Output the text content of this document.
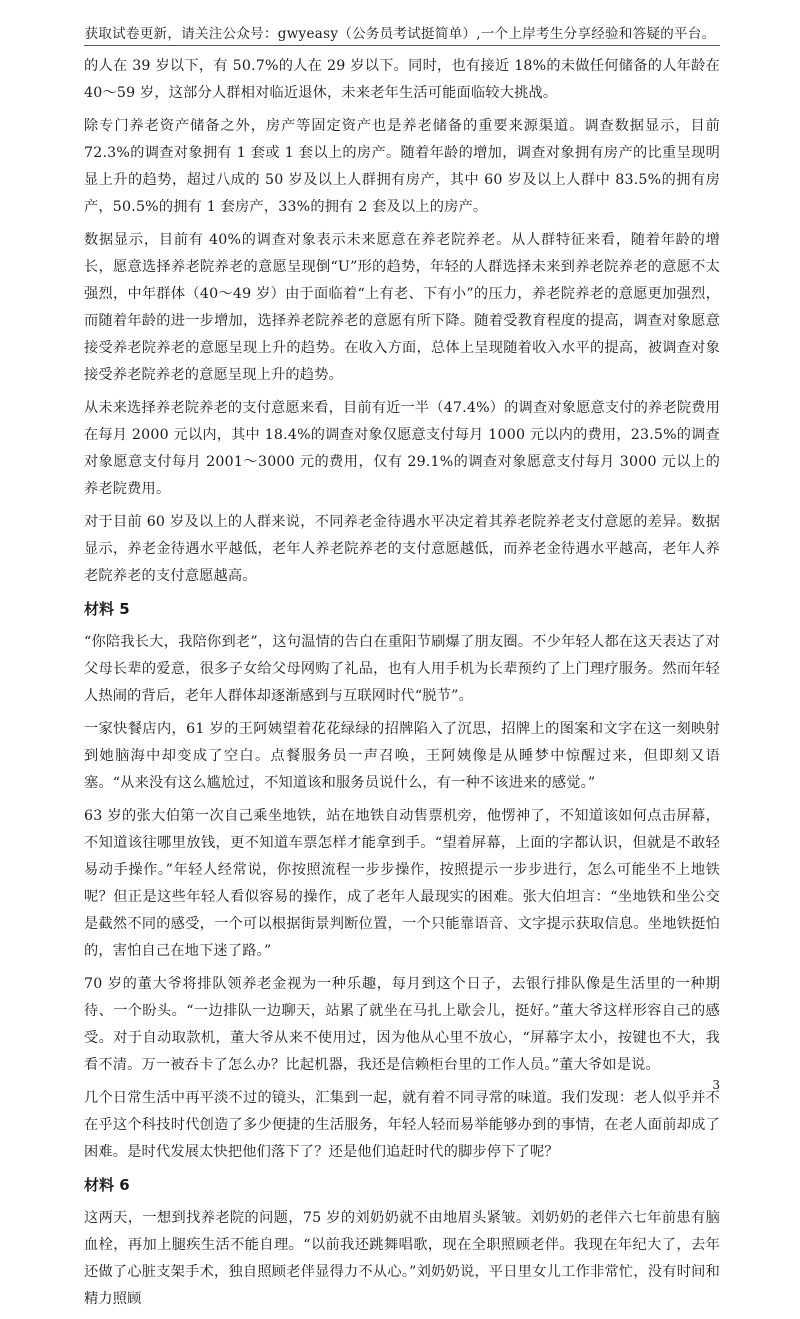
获取试卷更新，请关注公众号：gwyeasy（公务员考试挺简单）,一个上岸考生分享经验和答疑的平台。

的人在 39 岁以下，有 50.7%的人在 29 岁以下。同时，也有接近 18%的未做任何储备的人年龄在 40～59 岁，这部分人群相对临近退休，未来老年生活可能面临较大挑战。

除专门养老资产储备之外，房产等固定资产也是养老储备的重要来源渠道。调查数据显示，目前 72.3%的调查对象拥有 1 套或 1 套以上的房产。随着年龄的增加，调查对象拥有房产的比重呈现明显上升的趋势，超过八成的 50 岁及以上人群拥有房产，其中 60 岁及以上人群中 83.5%的拥有房产，50.5%的拥有 1 套房产，33%的拥有 2 套及以上的房产。

数据显示，目前有 40%的调查对象表示未来愿意在养老院养老。从人群特征来看，随着年龄的增长，愿意选择养老院养老的意愿呈现倒“U”形的趋势，年轻的人群选择未来到养老院养老的意愿不太强烈，中年群体（40～49 岁）由于面临着“上有老、下有小”的压力，养老院养老的意愿更加强烈，而随着年龄的进一步增加，选择养老院养老的意愿有所下降。随着受教育程度的提高，调查对象愿意接受养老院养老的意愿呈现上升的趋势。在收入方面，总体上呈现随着收入水平的提高，被调查对象接受养老院养老的意愿呈现上升的趋势。

从未来选择养老院养老的支付意愿来看，目前有近一半（47.4%）的调查对象愿意支付的养老院费用在每月 2000 元以内，其中 18.4%的调查对象仅愿意支付每月 1000 元以内的费用，23.5%的调查对象愿意支付每月 2001～3000 元的费用，仅有 29.1%的调查对象愿意支付每月 3000 元以上的养老院费用。

对于目前 60 岁及以上的人群来说，不同养老金待遇水平决定着其养老院养老支付意愿的差异。数据显示，养老金待遇水平越低，老年人养老院养老的支付意愿越低，而养老金待遇水平越高，老年人养老院养老的支付意愿越高。

材料 5

“你陪我长大，我陪你到老”，这句温情的告白在重阳节刷爆了朋友圈。不少年轻人都在这天表达了对父母长辈的爱意，很多子女给父母网购了礼品，也有人用手机为长辈预约了上门理疗服务。然而年轻人热闹的背后，老年人群体却逐渐感到与互联网时代“脱节”。

一家快餐店内，61 岁的王阿姨望着花花绿绿的招牌陷入了沉思，招牌上的图案和文字在这一刻映射到她脑海中却变成了空白。点餐服务员一声召唤，王阿姨像是从睡梦中惊醒过来，但即刻又语塞。“从来没有这么尴尬过，不知道该和服务员说什么，有一种不该进来的感觉。”

63 岁的张大伯第一次自己乘坐地铁，站在地铁自动售票机旁，他愣神了，不知道该如何点击屏幕，不知道该往哪里放钱，更不知道车票怎样才能拿到手。“望着屏幕，上面的字都认识，但就是不敢轻易动手操作。”年轻人经常说，你按照流程一步步操作，按照提示一步步进行，怎么可能坐不上地铁呢？但正是这些年轻人看似容易的操作，成了老年人最现实的困难。张大伯坦言：“坐地铁和坐公交是截然不同的感受，一个可以根据街景判断位置，一个只能靠语音、文字提示获取信息。坐地铁挺怕的，害怕自己在地下迷了路。”

70 岁的董大爷将排队领养老金视为一种乐趣，每月到这个日子，去银行排队像是生活里的一种期待、一个盼头。“一边排队一边聊天，站累了就坐在马扎上歇会儿，挺好。”董大爷这样形容自己的感受。对于自动取款机，董大爷从来不使用过，因为他从心里不放心，“屏幕字太小，按键也不大，我看不清。万一被吞卡了怎么办？比起机器，我还是信赖柜台里的工作人员。”董大爷如是说。

几个日常生活中再平淡不过的镜头，汇集到一起，就有着不同寻常的味道。我们发现：老人似乎并不在乎这个科技时代创造了多少便捷的生活服务，年轻人轻而易举能够办到的事情，在老人面前却成了困难。是时代发展太快把他们落下了？还是他们追赶时代的脚步停下了呢？

材料 6

这两天，一想到找养老院的问题，75 岁的刘奶奶就不由地眉头紧皱。刘奶奶的老伴六七年前患有脑血栓，再加上腿疾生活不能自理。“以前我还跳舞唱歌，现在全职照顾老伴。我现在年纪大了，去年还做了心脏支架手术，独自照顾老伴显得力不从心。”刘奶奶说，平日里女儿工作非常忙，没有时间和精力照顾

3
